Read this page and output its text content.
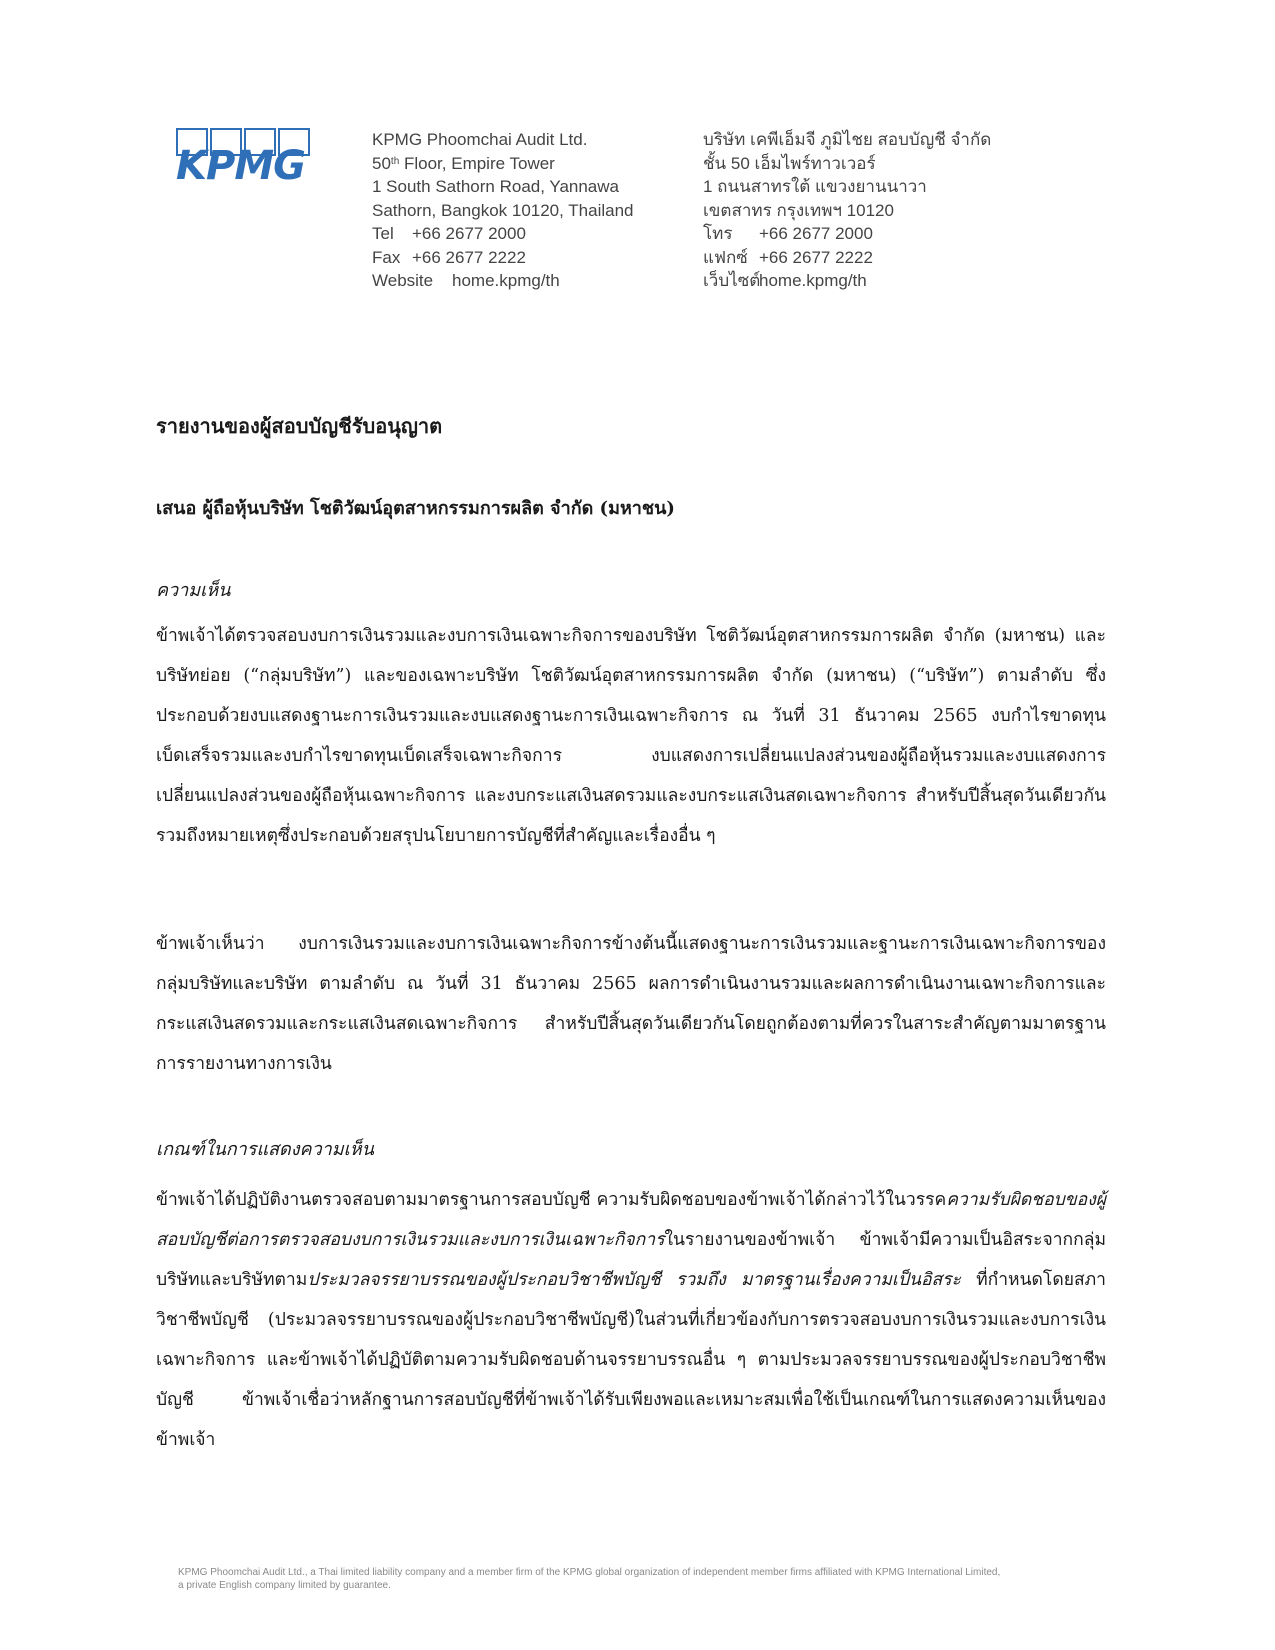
KPMG
KPMG Phoomchai Audit Ltd.
50th Floor, Empire Tower
1 South Sathorn Road, Yannawa
Sathorn, Bangkok 10120, Thailand
Tel +66 2677 2000
Fax +66 2677 2222
Website home.kpmg/th
บริษัท เคพีเอ็มจี ภูมิไชย สอบบัญชี จำกัด
ชั้น 50 เอ็มไพร์ทาวเวอร์
1 ถนนสาทรใต้ แขวงยานนาวา
เขตสาทร กรุงเทพฯ 10120
โทร +66 2677 2000
แฟกซ์ +66 2677 2222
เว็บไซต์home.kpmg/th
รายงานของผู้สอบบัญชีรับอนุญาต
เสนอ ผู้ถือหุ้นบริษัท โชติวัฒน์อุตสาหกรรมการผลิต จำกัด (มหาชน)
ความเห็น
ข้าพเจ้าได้ตรวจสอบงบการเงินรวมและงบการเงินเฉพาะกิจการของบริษัท โชติวัฒน์อุตสาหกรรมการผลิต จำกัด (มหาชน) และบริษัทย่อย (“กลุ่มบริษัท”) และของเฉพาะบริษัท โชติวัฒน์อุตสาหกรรมการผลิต จำกัด (มหาชน) (“บริษัท”) ตามลำดับ ซึ่งประกอบด้วยงบแสดงฐานะการเงินรวมและงบแสดงฐานะการเงินเฉพาะกิจการ ณ วันที่ 31 ธันวาคม 2565 งบกำไรขาดทุนเบ็ดเสร็จรวมและงบกำไรขาดทุนเบ็ดเสร็จเฉพาะกิจการ งบแสดงการเปลี่ยนแปลงส่วนของผู้ถือหุ้นรวมและงบแสดงการเปลี่ยนแปลงส่วนของผู้ถือหุ้นเฉพาะกิจการ และงบกระแสเงินสดรวมและงบกระแสเงินสดเฉพาะกิจการ สำหรับปีสิ้นสุดวันเดียวกัน รวมถึงหมายเหตุซึ่งประกอบด้วยสรุปนโยบายการบัญชีที่สำคัญและเรื่องอื่น ๆ
ข้าพเจ้าเห็นว่า งบการเงินรวมและงบการเงินเฉพาะกิจการข้างต้นนี้แสดงฐานะการเงินรวมและฐานะการเงินเฉพาะกิจการของกลุ่มบริษัทและบริษัท ตามลำดับ ณ วันที่ 31 ธันวาคม 2565 ผลการดำเนินงานรวมและผลการดำเนินงานเฉพาะกิจการและกระแสเงินสดรวมและกระแสเงินสดเฉพาะกิจการ สำหรับปีสิ้นสุดวันเดียวกันโดยถูกต้องตามที่ควรในสาระสำคัญตามมาตรฐานการรายงานทางการเงิน
เกณฑ์ในการแสดงความเห็น
ข้าพเจ้าได้ปฏิบัติงานตรวจสอบตามมาตรฐานการสอบบัญชี ความรับผิดชอบของข้าพเจ้าได้กล่าวไว้ในวรรคความรับผิดชอบของผู้สอบบัญชีต่อการตรวจสอบงบการเงินรวมและงบการเงินเฉพาะกิจการในรายงานของข้าพเจ้า ข้าพเจ้ามีความเป็นอิสระจากกลุ่มบริษัทและบริษัทตามประมวลจรรยาบรรณของผู้ประกอบวิชาชีพบัญชี รวมถึง มาตรฐานเรื่องความเป็นอิสระ ที่กำหนดโดยสภาวิชาชีพบัญชี (ประมวลจรรยาบรรณของผู้ประกอบวิชาชีพบัญชี)ในส่วนที่เกี่ยวข้องกับการตรวจสอบงบการเงินรวมและงบการเงินเฉพาะกิจการ และข้าพเจ้าได้ปฏิบัติตามความรับผิดชอบด้านจรรยาบรรณอื่น ๆ ตามประมวลจรรยาบรรณของผู้ประกอบวิชาชีพบัญชี ข้าพเจ้าเชื่อว่าหลักฐานการสอบบัญชีที่ข้าพเจ้าได้รับเพียงพอและเหมาะสมเพื่อใช้เป็นเกณฑ์ในการแสดงความเห็นของข้าพเจ้า
KPMG Phoomchai Audit Ltd., a Thai limited liability company and a member firm of the KPMG global organization of independent member firms affiliated with KPMG International Limited,
a private English company limited by guarantee.
